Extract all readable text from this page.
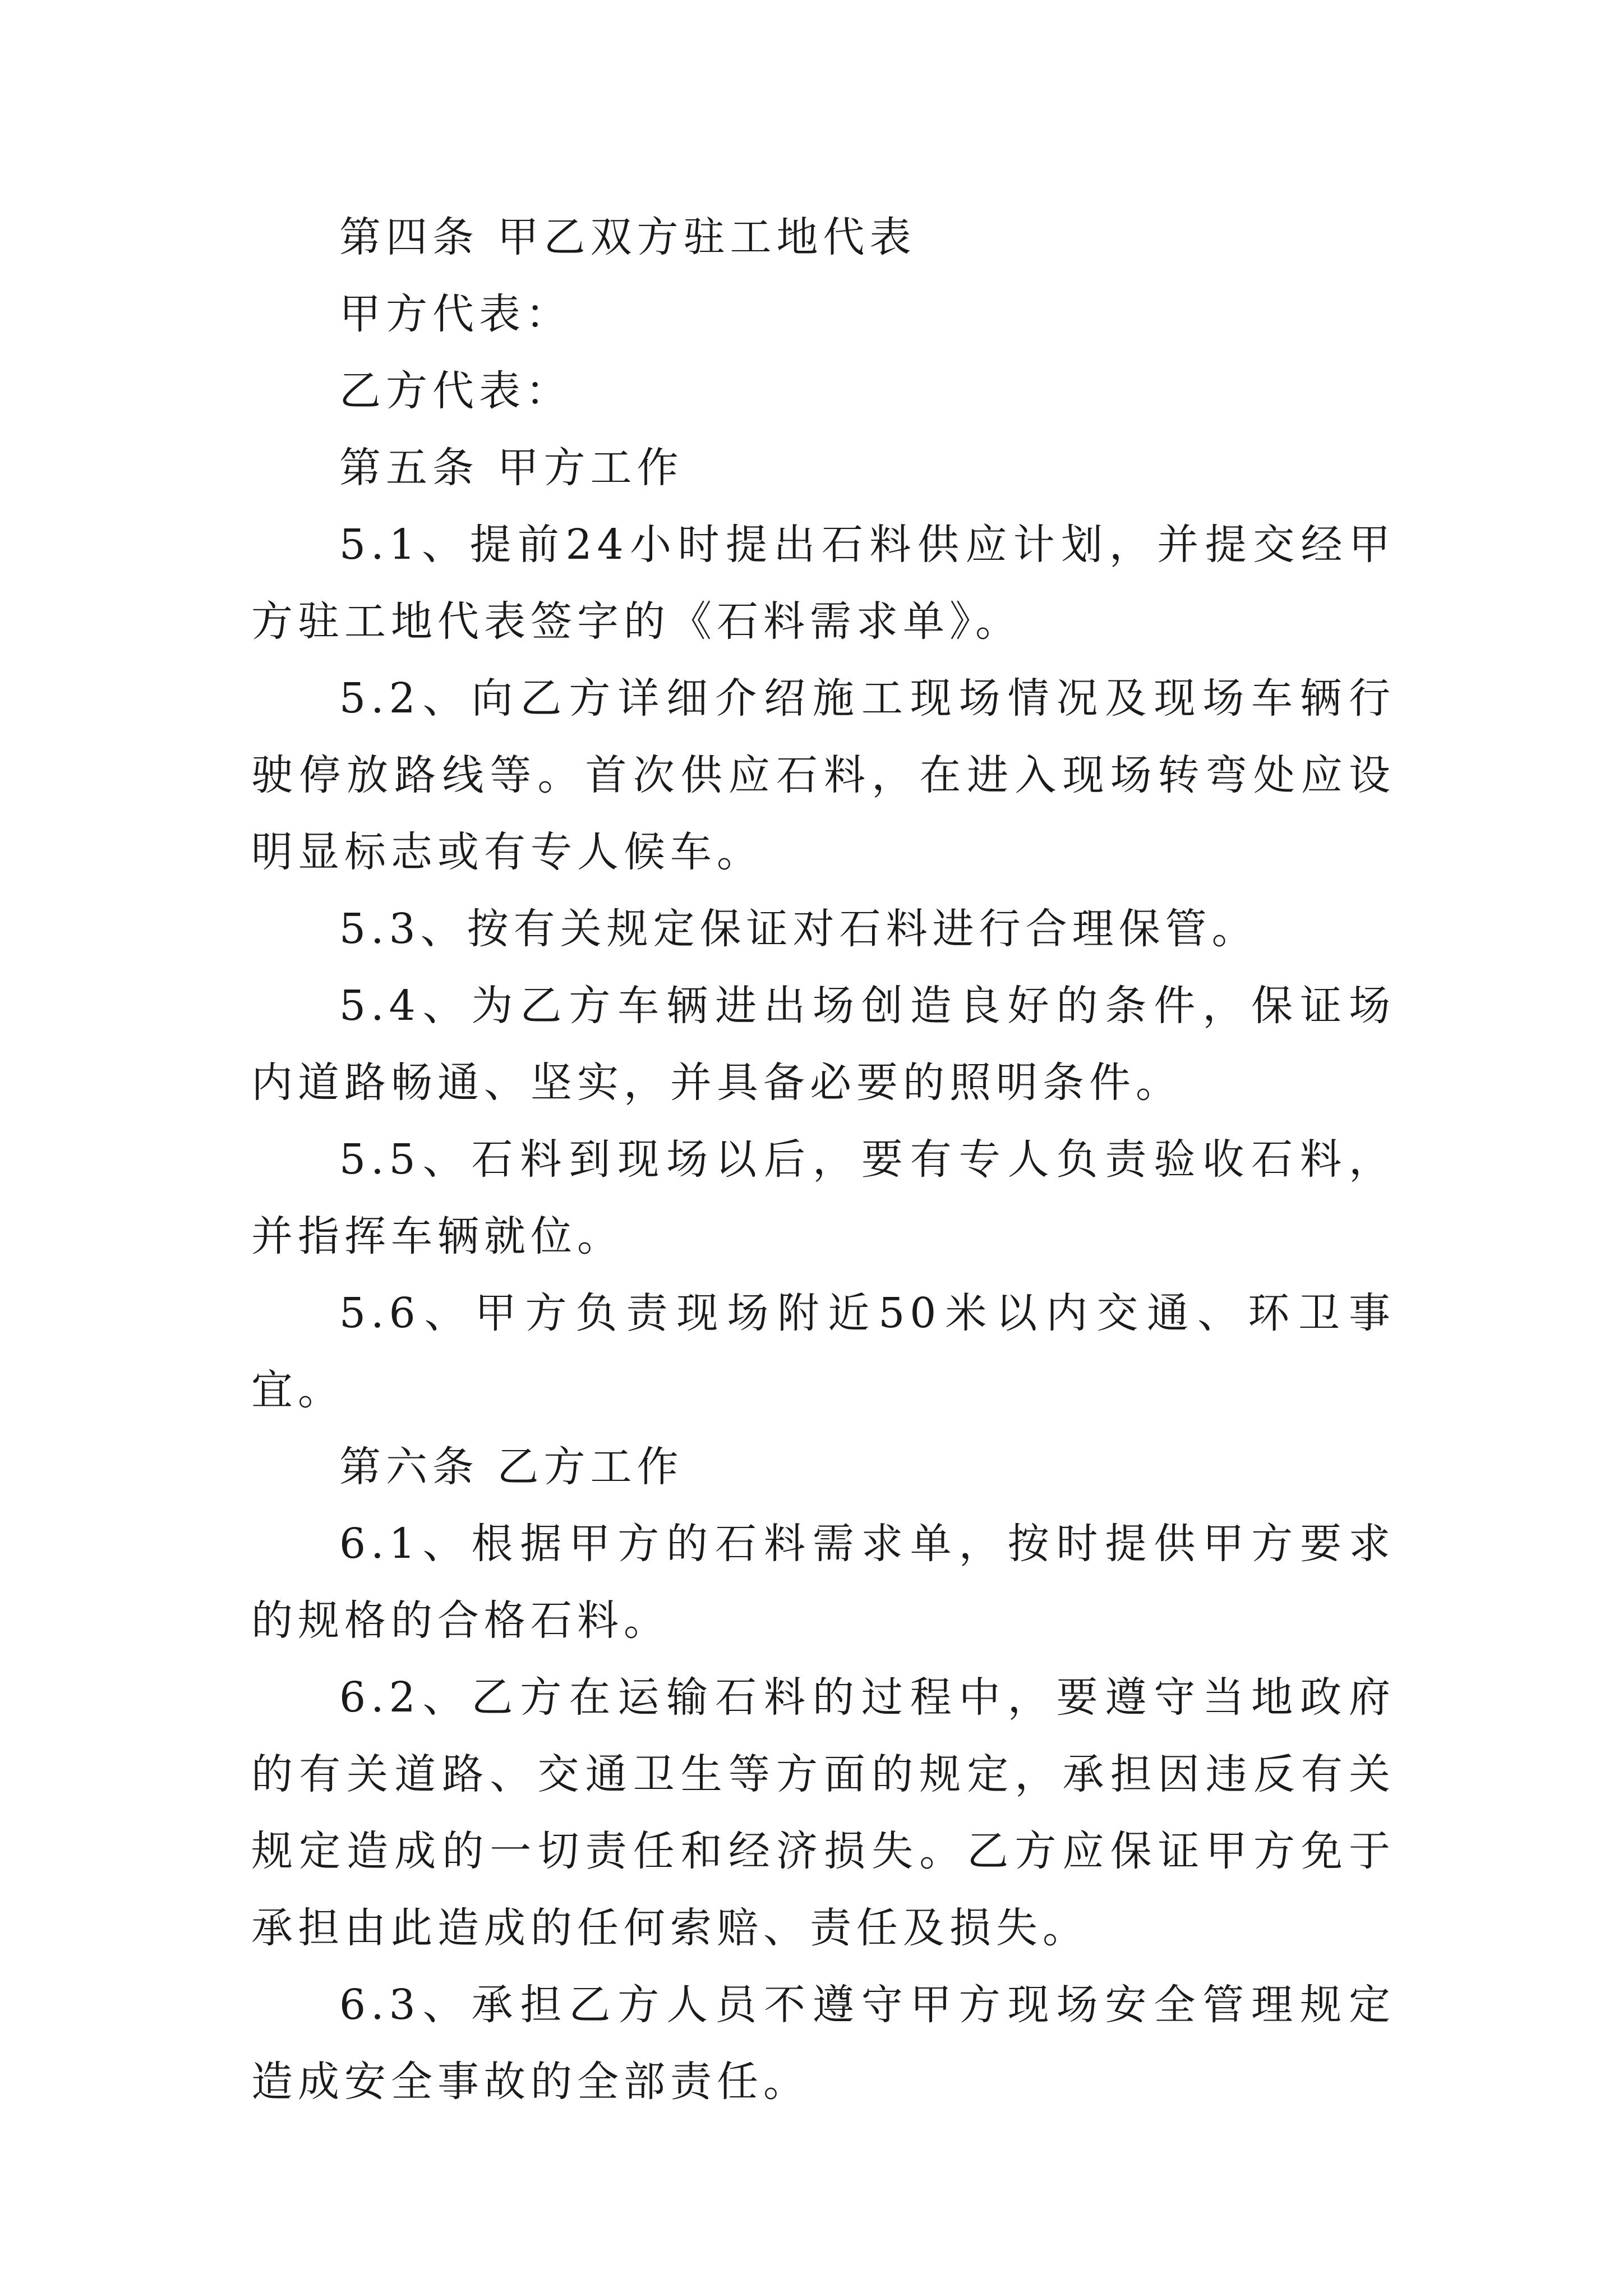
第四条 甲乙双方驻工地代表

甲方代表：

乙方代表：

第五条 甲方工作

5.1、提前24小时提出石料供应计划，并提交经甲方驻工地代表签字的《石料需求单》。

5.2、向乙方详细介绍施工现场情况及现场车辆行驶停放路线等。首次供应石料，在进入现场转弯处应设明显标志或有专人候车。

5.3、按有关规定保证对石料进行合理保管。

5.4、为乙方车辆进出场创造良好的条件，保证场内道路畅通、坚实，并具备必要的照明条件。

5.5、石料到现场以后，要有专人负责验收石料，并指挥车辆就位。

5.6、甲方负责现场附近50米以内交通、环卫事宜。

第六条 乙方工作

6.1、根据甲方的石料需求单，按时提供甲方要求的规格的合格石料。

6.2、乙方在运输石料的过程中，要遵守当地政府的有关道路、交通卫生等方面的规定，承担因违反有关规定造成的一切责任和经济损失。乙方应保证甲方免于承担由此造成的任何索赔、责任及损失。

6.3、承担乙方人员不遵守甲方现场安全管理规定造成安全事故的全部责任。
